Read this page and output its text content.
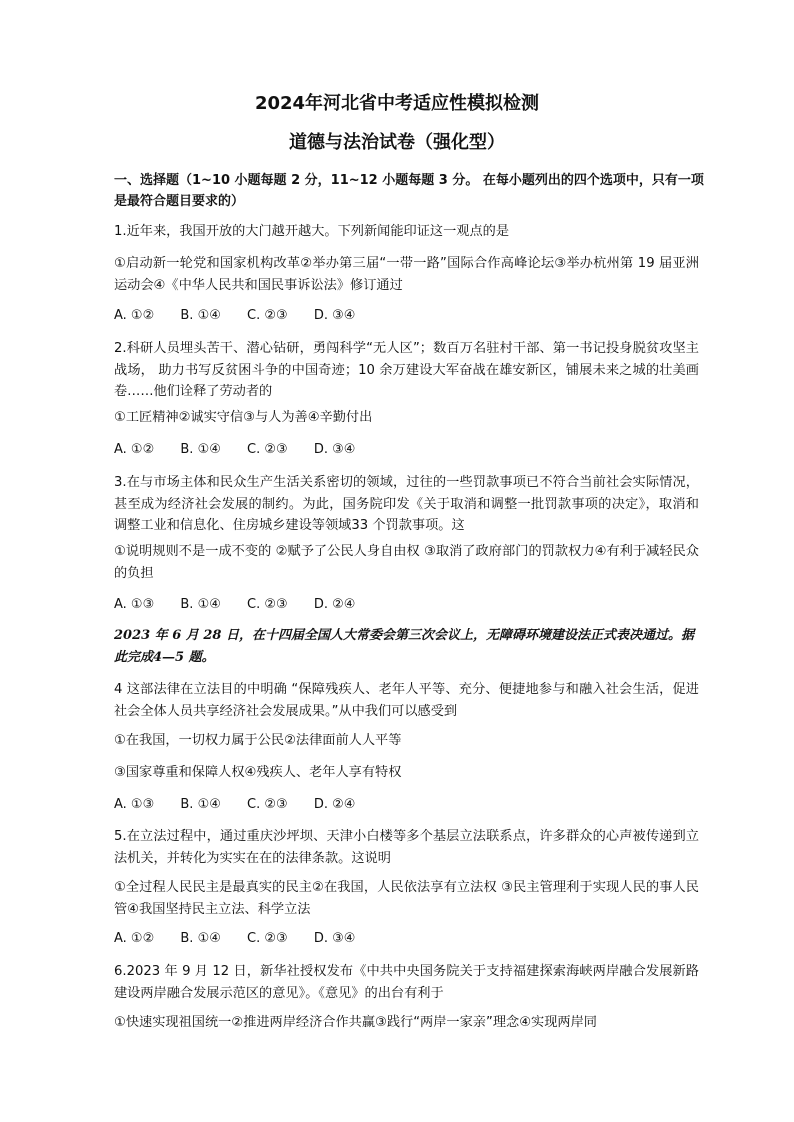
2024年河北省中考适应性模拟检测
道德与法治试卷（强化型）
一、选择题（1~10 小题每题 2 分，11~12 小题每题 3 分。 在每小题列出的四个选项中，只有一项是最符合题目要求的）
1.近年来，我国开放的大门越开越大。下列新闻能印证这一观点的是
①启动新一轮党和国家机构改革②举办第三届“一带一路”国际合作高峰论坛③举办杭州第 19 届亚洲运动会④《中华人民共和国民事诉讼法》修订通过
A. ①② B. ①④ C. ②③ D. ③④
2.科研人员埋头苦干、潜心钻研，勇闯科学“无人区”；数百万名驻村干部、第一书记投身脱贫攻坚主战场， 助力书写反贫困斗争的中国奇迹；10 余万建设大军奋战在雄安新区，铺展未来之城的壮美画卷……他们诠释了劳动者的
①工匠精神②诚实守信③与人为善④辛勤付出
A. ①② B. ①④ C. ②③ D. ③④
3.在与市场主体和民众生产生活关系密切的领域，过往的一些罚款事项已不符合当前社会实际情况，甚至成为经济社会发展的制约。为此，国务院印发《关于取消和调整一批罚款事项的决定》，取消和调整工业和信息化、住房城乡建设等领域33 个罚款事项。这
①说明规则不是一成不变的 ②赋予了公民人身自由权 ③取消了政府部门的罚款权力④有利于减轻民众的负担
A. ①③ B. ①④ C. ②③ D. ②④
2023 年 6 月 28 日，在十四届全国人大常委会第三次会议上，无障碍环境建设法正式表决通过。据此完成4—5 题。
4 这部法律在立法目的中明确 “保障残疾人、老年人平等、充分、便捷地参与和融入社会生活，促进社会全体人员共享经济社会发展成果。”从中我们可以感受到
①在我国，一切权力属于公民②法律面前人人平等
③国家尊重和保障人权④残疾人、老年人享有特权
A. ①③ B. ①④ C. ②③ D. ②④
5.在立法过程中，通过重庆沙坪坝、天津小白楼等多个基层立法联系点，许多群众的心声被传递到立法机关，并转化为实实在在的法律条款。这说明
①全过程人民民主是最真实的民主②在我国，人民依法享有立法权 ③民主管理利于实现人民的事人民管④我国坚持民主立法、科学立法
A. ①② B. ①④ C. ②③ D. ③④
6.2023 年 9 月 12 日，新华社授权发布《中共中央国务院关于支持福建探索海峡两岸融合发展新路建设两岸融合发展示范区的意见》。《意见》的出台有利于
①快速实现祖国统一②推进两岸经济合作共赢③践行“两岸一家亲”理念④实现两岸同
